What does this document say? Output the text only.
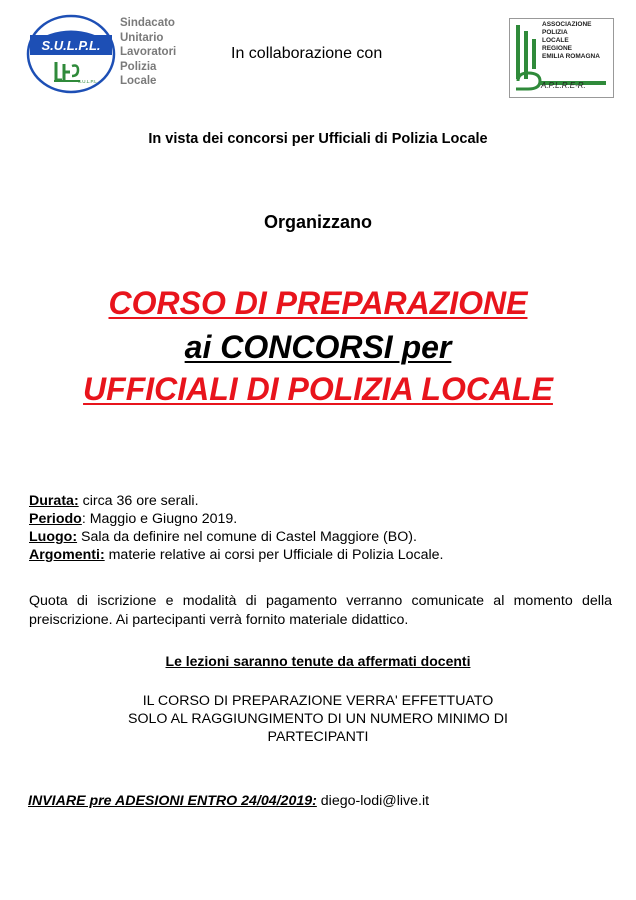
S.U.L.P.L.
S.U.L.P.L.
Sindacato
Unitario
Lavoratori
Polizia
Locale
In collaborazione con
ASSOCIAZIONE
POLIZIA
LOCALE
REGIONE
EMILIA ROMAGNA
A.P.L.R.E-R.
In vista dei concorsi per Ufficiali di Polizia Locale
Organizzano
CORSO DI PREPARAZIONE
ai CONCORSI per
UFFICIALI DI POLIZIA LOCALE
Durata: circa 36 ore serali.
Periodo: Maggio e Giugno 2019.
Luogo: Sala da definire nel comune di Castel Maggiore (BO).
Argomenti: materie relative ai corsi per Ufficiale di Polizia Locale.
Quota di iscrizione e modalità di pagamento verranno comunicate al momento della preiscrizione. Ai partecipanti verrà fornito materiale didattico.
Le lezioni saranno tenute da affermati docenti
IL CORSO DI PREPARAZIONE VERRA' EFFETTUATO
SOLO AL RAGGIUNGIMENTO DI UN NUMERO MINIMO DI
PARTECIPANTI
INVIARE pre ADESIONI ENTRO 24/04/2019: diego-lodi@live.it
